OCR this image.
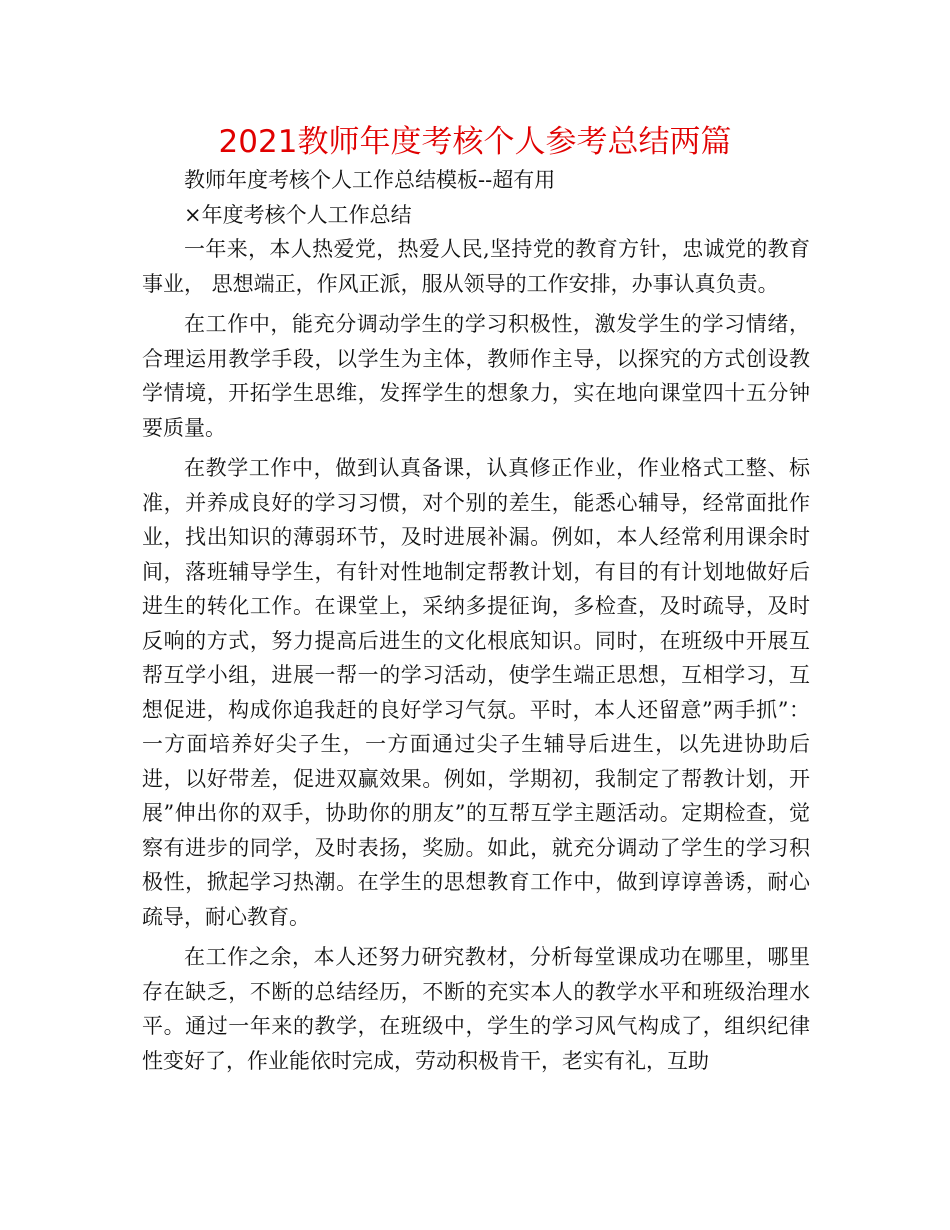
2021教师年度考核个人参考总结两篇

教师年度考核个人工作总结模板--超有用

×年度考核个人工作总结

一年来，本人热爱党，热爱人民,坚持党的教育方针，忠诚党的教育事业， 思想端正，作风正派，服从领导的工作安排，办事认真负责。

在工作中，能充分调动学生的学习积极性，激发学生的学习情绪，合理运用教学手段，以学生为主体，教师作主导，以探究的方式创设教学情境，开拓学生思维，发挥学生的想象力，实在地向课堂四十五分钟要质量。

在教学工作中，做到认真备课，认真修正作业，作业格式工整、标准，并养成良好的学习习惯，对个别的差生，能悉心辅导，经常面批作业，找出知识的薄弱环节，及时进展补漏。例如，本人经常利用课余时间，落班辅导学生，有针对性地制定帮教计划，有目的有计划地做好后进生的转化工作。在课堂上，采纳多提征询，多检查，及时疏导，及时反响的方式，努力提高后进生的文化根底知识。同时，在班级中开展互帮互学小组，进展一帮一的学习活动，使学生端正思想，互相学习，互想促进，构成你追我赶的良好学习气氛。平时，本人还留意”两手抓”：一方面培养好尖子生，一方面通过尖子生辅导后进生，以先进协助后进，以好带差，促进双赢效果。例如，学期初，我制定了帮教计划，开展”伸出你的双手，协助你的朋友”的互帮互学主题活动。定期检查，觉察有进步的同学，及时表扬，奖励。如此，就充分调动了学生的学习积极性，掀起学习热潮。在学生的思想教育工作中，做到谆谆善诱，耐心疏导，耐心教育。

在工作之余，本人还努力研究教材，分析每堂课成功在哪里，哪里存在缺乏，不断的总结经历，不断的充实本人的教学水平和班级治理水平。通过一年来的教学，在班级中，学生的学习风气构成了，组织纪律性变好了，作业能依时完成，劳动积极肯干，老实有礼，互助
